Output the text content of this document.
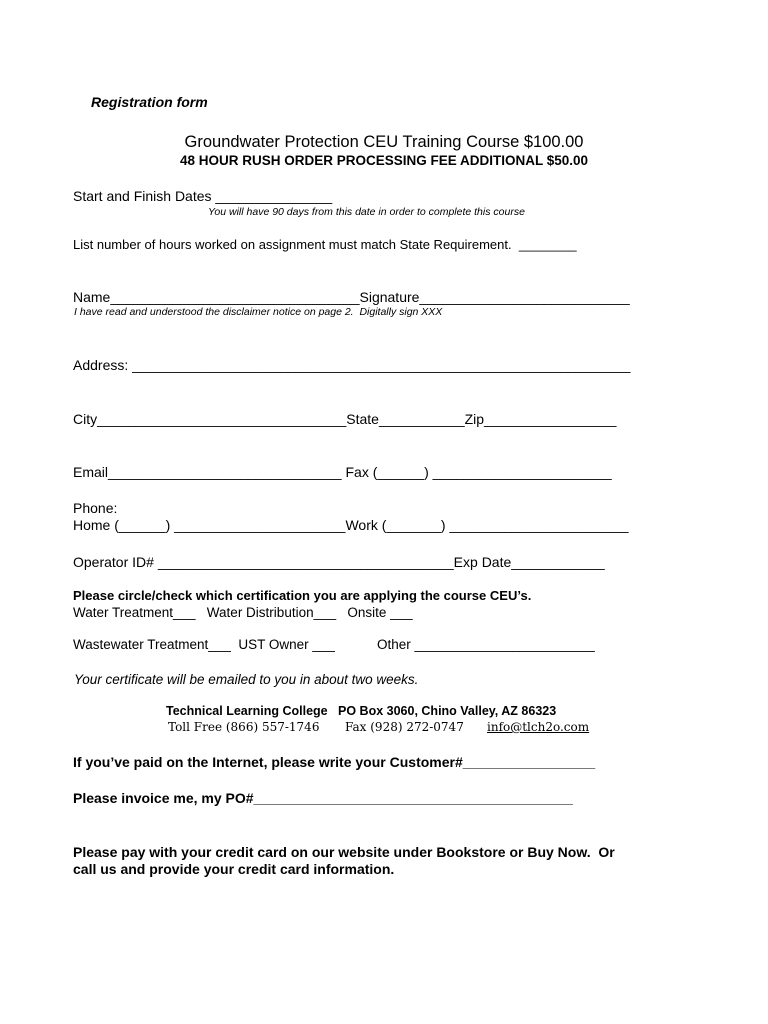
Registration form
Groundwater Protection CEU Training Course $100.00
48 HOUR RUSH ORDER PROCESSING FEE ADDITIONAL $50.00
Start and Finish Dates _______________
You will have 90 days from this date in order to complete this course
List number of hours worked on assignment must match State Requirement.  ________
Name________________________________Signature___________________________
I have read and understood the disclaimer notice on page 2.  Digitally sign XXX
Address: ________________________________________________________________
City________________________________State___________Zip_________________
Email______________________________ Fax (______) _______________________
Phone:
Home (______) ______________________Work (_______) _______________________
Operator ID# ______________________________________Exp Date____________
Please circle/check which certification you are applying the course CEU’s.
Water Treatment___   Water Distribution___   Onsite ___
Wastewater Treatment___  UST Owner ___	Other ________________________
Your certificate will be emailed to you in about two weeks.
Technical Learning College   PO Box 3060, Chino Valley, AZ 86323
Toll Free (866) 557-1746 Fax (928) 272-0747 info@tlch2o.com
If you’ve paid on the Internet, please write your Customer#_________________
Please invoice me, my PO#_________________________________________
Please pay with your credit card on our website under Bookstore or Buy Now.  Or
call us and provide your credit card information.
